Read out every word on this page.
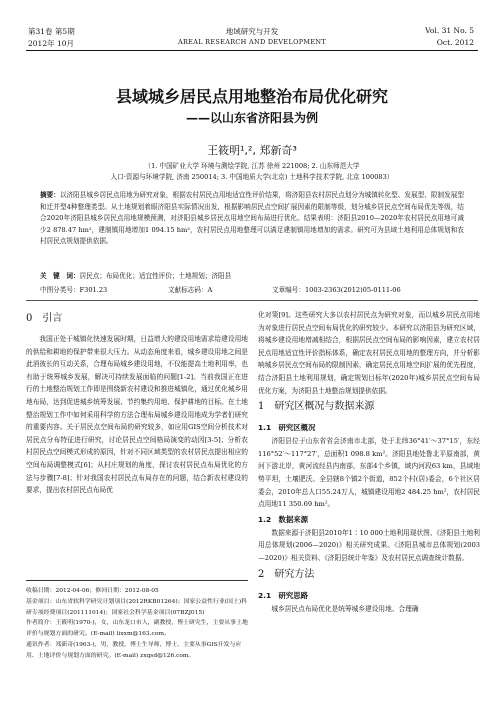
第31卷 第5期
2012年 10月
地域研究与开发
AREAL RESEARCH AND DEVELOPMENT
Vol. 31 No. 5
Oct. 2012
县域城乡居民点用地整治布局优化研究
——以山东省济阳县为例
王筱明¹,², 郑新奇³
（1. 中国矿业大学 环境与测绘学院, 江苏 徐州 221008; 2. 山东师范大学
人口·资源与环境学院, 济南 250014; 3. 中国地质大学(北京) 土地科学技术学院, 北京 100083）
摘要：以济阳县城乡居民点用地为研究对象，根据农村居民点用地适宜性评价结果，将济阳县农村居民点划分为城镇转化型、发展型、限制发展型和迁并型4种整理类型。从土地规划着眼济阳县实际情况出发，根据影响居民点空间扩展因素的限制等级，划分城乡居民点空间布局优先等级，结合2020年济阳县城乡居民点用地规模预测，对济阳县城乡居民点用地空间布局进行优化。结果表明：济阳县2010—2020年农村居民点用地可减少2 878.47 hm²，建制镇用地增加1 094.15 hm²，农村居民点用地整理可以满足建制镇用地增加的需求。研究可为县域土地利用总体规划和农村居民点规划提供依据。
关　键　词：居民点；布局优化；适宜性评价；土地规划；济阳县
中图分类号：F301.23	文献标志码：A	文章编号：1003-2363(2012)05-0111-06
0　引言

我国正处于城镇化快速发展时期，日益增大的建设用地需求给建设用地的供给和耕地的保护带来很大压力。从动态角度来看，城乡建设用地之间是此消彼长的互动关系，合理布局城乡建设用地，不仅能提高土地利用率，也有助于统筹城乡发展，解决可持续发展面临的问题[1-2]。当前我国正在进行的土地整治规划工作即是围绕新农村建设和推进城镇化，通过优化城乡用地布局，达到促进城乡统筹发展、节约集约用地、保护耕地的目标。在土地整治规划工作中如何采用科学的方法合理布局城乡建设用地成为学者们研究的重要内容。关于居民点空间布局的研究较多，如应用GIS空间分析技术对居民点分布特征进行研究，讨论居民点空间格局演变的动因[3-5]；分析农村居民点空间模式形成的原因，针对不同区域类型的农村居民点提出相应的空间布局调整模式[6]；从村庄规划的角度，探讨农村居民点布局优化的方法与步骤[7-8]；针对我国农村居民点布局存在的问题，结合新农村建设的要求，提出农村居民点布局优

化对策[9]。这些研究大多以农村居民点为研究对象，而以城乡居民点用地为对象进行居民点空间布局优化的研究较少。本研究以济阳县为研究区域，将城乡建设用地增减相结合，根据居民点空间布局的影响因素，建立农村居民点用地适宜性评价指标体系，确定农村居民点用地的整理方向，并分析影响城乡居民点空间布局的限制因素，确定居民点用地空间扩展的优先程度，结合济阳县土地利用规划，确定规划目标年(2020年)城乡居民点空间布局优化方案，为济阳县土地整治规划提供依据。

1　研究区概况与数据来源
1.1　研究区概况

济阳县位于山东省省会济南市北部，处于北纬36°41′～37°15′，东经116°52′～117°27′，总面积1 098.8 km²。济阳县地处鲁北平原南部，黄河下游北岸，黄河流经县内南部，东部4个乡镇，域内河段63 km，县域地势平坦，土壤肥沃。全县辖8个镇2个街道，852个村(居)委会，6个社区居委会，2010年总人口55.24万人，城镇建设用地2 484.25 hm²，农村居民点用地11 350.69 hm²。

1.2　数据来源

数据来源于济阳县2010年1∶10 000土地利用现状图、《济阳县土地利用总体规划(2006—2020)》相关研究成果、《济阳县城市总体规划(2003—2020)》相关资料、《济阳县统计年鉴》及农村居民点调查统计数据。

2　研究方法
2.1　研究思路

城乡居民点布局优化是统筹城乡建设用地、合理确

收稿日期：2012-04-06；修回日期：2012-08-05
基金项目：山东省软科学研究计划项目(2012RKB01264)；国家公益性行业(国土)科研专项经费项目(201111014)；国家社会科学基金项目(07BZJ015)
作者简介：王筱明(1970-)，女，山东龙口市人，副教授，博士研究生，主要从事土地评价与规划方面的研究。(E-mail) lixxm@163.com。
通讯作者：郑新奇(1963-)，男，教授，博士生导师，博士，主要从事GIS开发与应用、土地评价与规划方面的研究。(E-mail) zxqsd@126.com。
